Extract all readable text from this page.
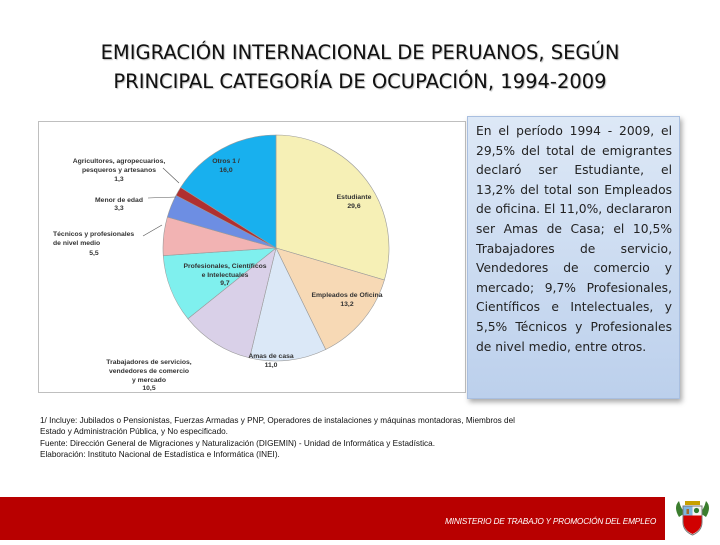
EMIGRACIÓN INTERNACIONAL DE PERUANOS, SEGÚN
PRINCIPAL CATEGORÍA DE OCUPACIÓN, 1994-2009
Estudiante
29,6
Empleados de Oficina
13,2
Amas de casa
11,0
Trabajadores de servicios, vendedores de comercio y mercado
10,5
Profesionales, Científicos e Intelectuales
9,7
Técnicos y profesionales de nivel medio
5,5
Menor de edad
3,3
Agricultores, agropecuarios, pesqueros y artesanos
1,3
Otros 1 /
16,0

En el período 1994 - 2009, el 29,5% del total de emigrantes declaró ser Estudiante, el 13,2% del total son Empleados de oficina. El 11,0%, declararon ser Amas de Casa; el 10,5% Trabajadores de servicio, Vendedores de comercio y mercado; 9,7% Profesionales, Científicos e Intelectuales, y 5,5% Técnicos y Profesionales de nivel medio, entre otros.

1/ Incluye: Jubilados o Pensionistas, Fuerzas Armadas y PNP, Operadores de instalaciones y máquinas montadoras, Miembros del
Estado y Administración Pública, y No especificado.
Fuente: Dirección General de Migraciones y Naturalización (DIGEMIN) - Unidad de Informática y Estadística.
Elaboración: Instituto Nacional de Estadística e Informática (INEI).
MINISTERIO DE TRABAJO Y PROMOCIÓN DEL EMPLEO
